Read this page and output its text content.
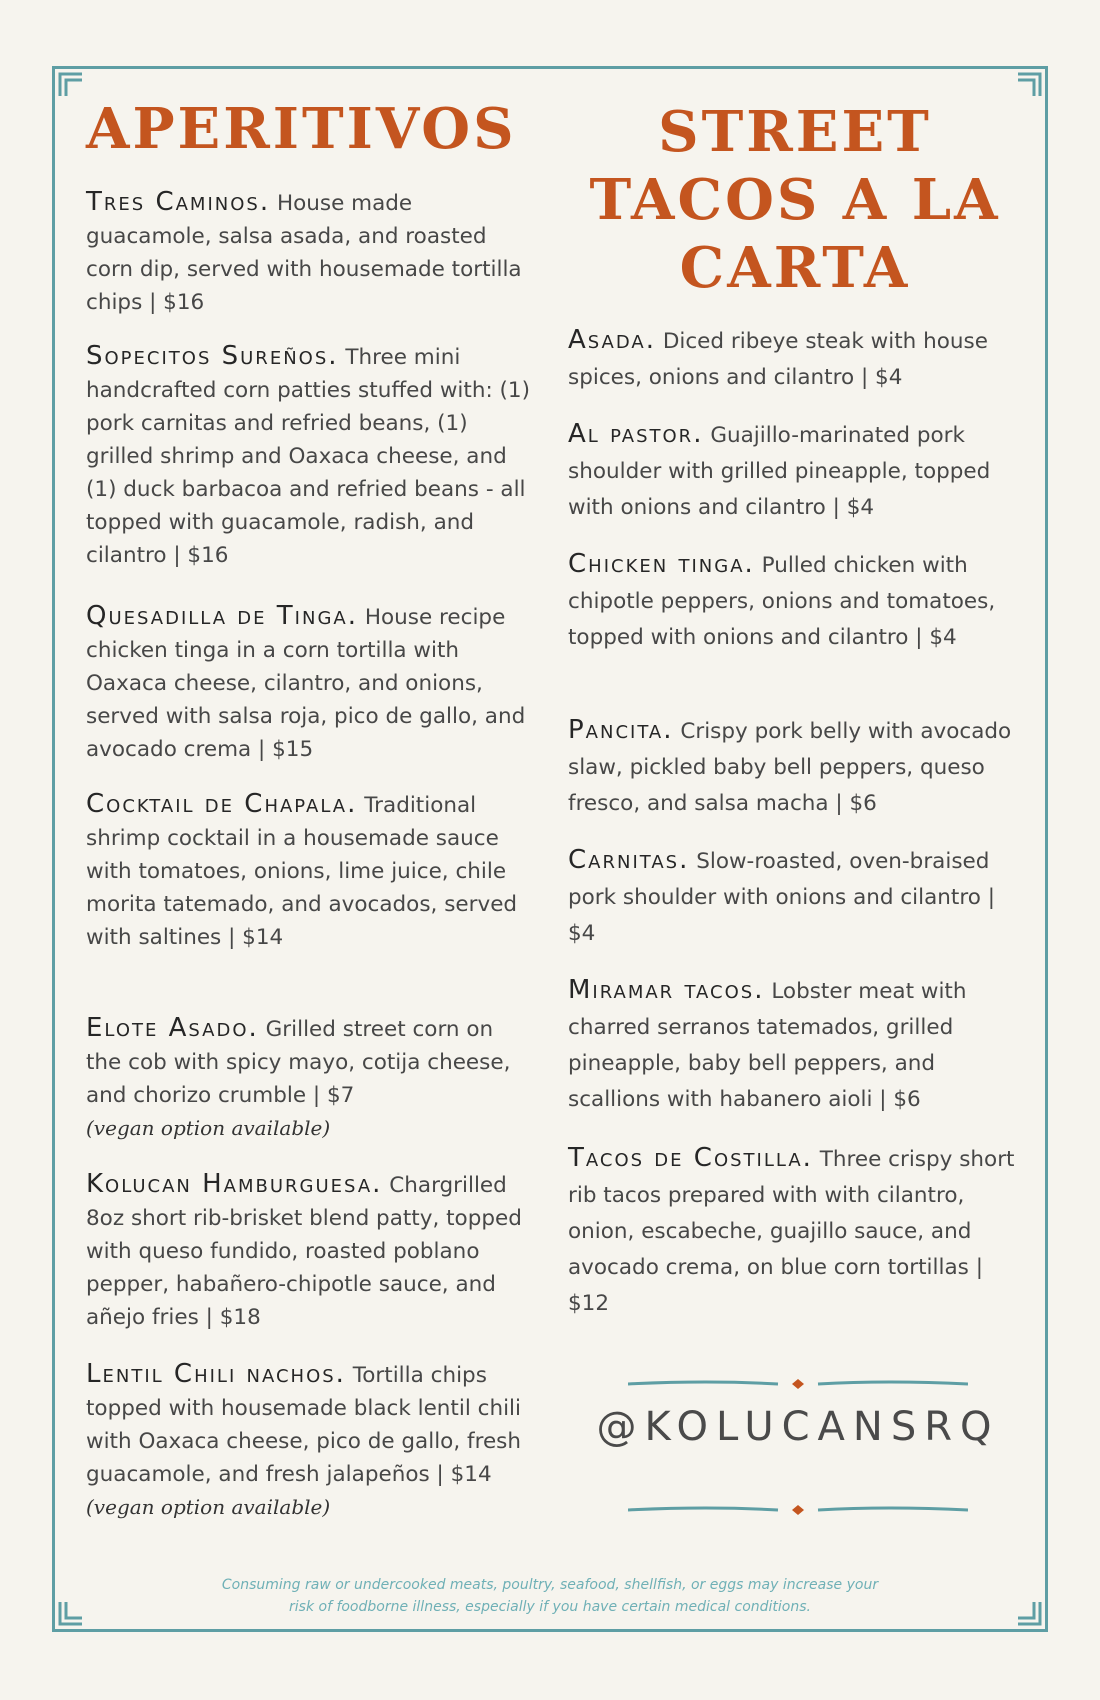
APERITIVOS	STREET
TACOS A LA
CARTA

Tres Caminos. House made guacamole, salsa asada, and roasted corn dip, served with housemade tortilla chips | $16

Sopecitos Sureños. Three mini handcrafted corn patties stuffed with: (1) pork carnitas and refried beans, (1) grilled shrimp and Oaxaca cheese, and (1) duck barbacoa and refried beans - all topped with guacamole, radish, and cilantro | $16

Quesadilla de Tinga. House recipe chicken tinga in a corn tortilla with Oaxaca cheese, cilantro, and onions, served with salsa roja, pico de gallo, and avocado crema | $15

Cocktail de Chapala. Traditional shrimp cocktail in a housemade sauce with tomatoes, onions, lime juice, chile morita tatemado, and avocados, served with saltines | $14

Elote Asado. Grilled street corn on the cob with spicy mayo, cotija cheese, and chorizo crumble | $7

(vegan option available)

Kolucan Hamburguesa. Chargrilled 8oz short rib-brisket blend patty, topped with queso fundido, roasted poblano pepper, habañero-chipotle sauce, and añejo fries | $18

Lentil Chili nachos. Tortilla chips topped with housemade black lentil chili with Oaxaca cheese, pico de gallo, fresh guacamole, and fresh jalapeños | $14

(vegan option available)

Asada. Diced ribeye steak with house spices, onions and cilantro | $4

Al pastor. Guajillo-marinated pork shoulder with grilled pineapple, topped with onions and cilantro | $4

Chicken tinga. Pulled chicken with chipotle peppers, onions and tomatoes, topped with onions and cilantro | $4

Pancita. Crispy pork belly with avocado slaw, pickled baby bell peppers, queso fresco, and salsa macha | $6

Carnitas. Slow-roasted, oven-braised pork shoulder with onions and cilantro | $4

Miramar tacos. Lobster meat with charred serranos tatemados, grilled pineapple, baby bell peppers, and scallions with habanero aioli | $6

Tacos de Costilla. Three crispy short rib tacos prepared with with cilantro, onion, escabeche, guajillo sauce, and avocado crema, on blue corn tortillas | $12

@KOLUCANSRQ
Consuming raw or undercooked meats, poultry, seafood, shellfish, or eggs may increase your
risk of foodborne illness, especially if you have certain medical conditions.
